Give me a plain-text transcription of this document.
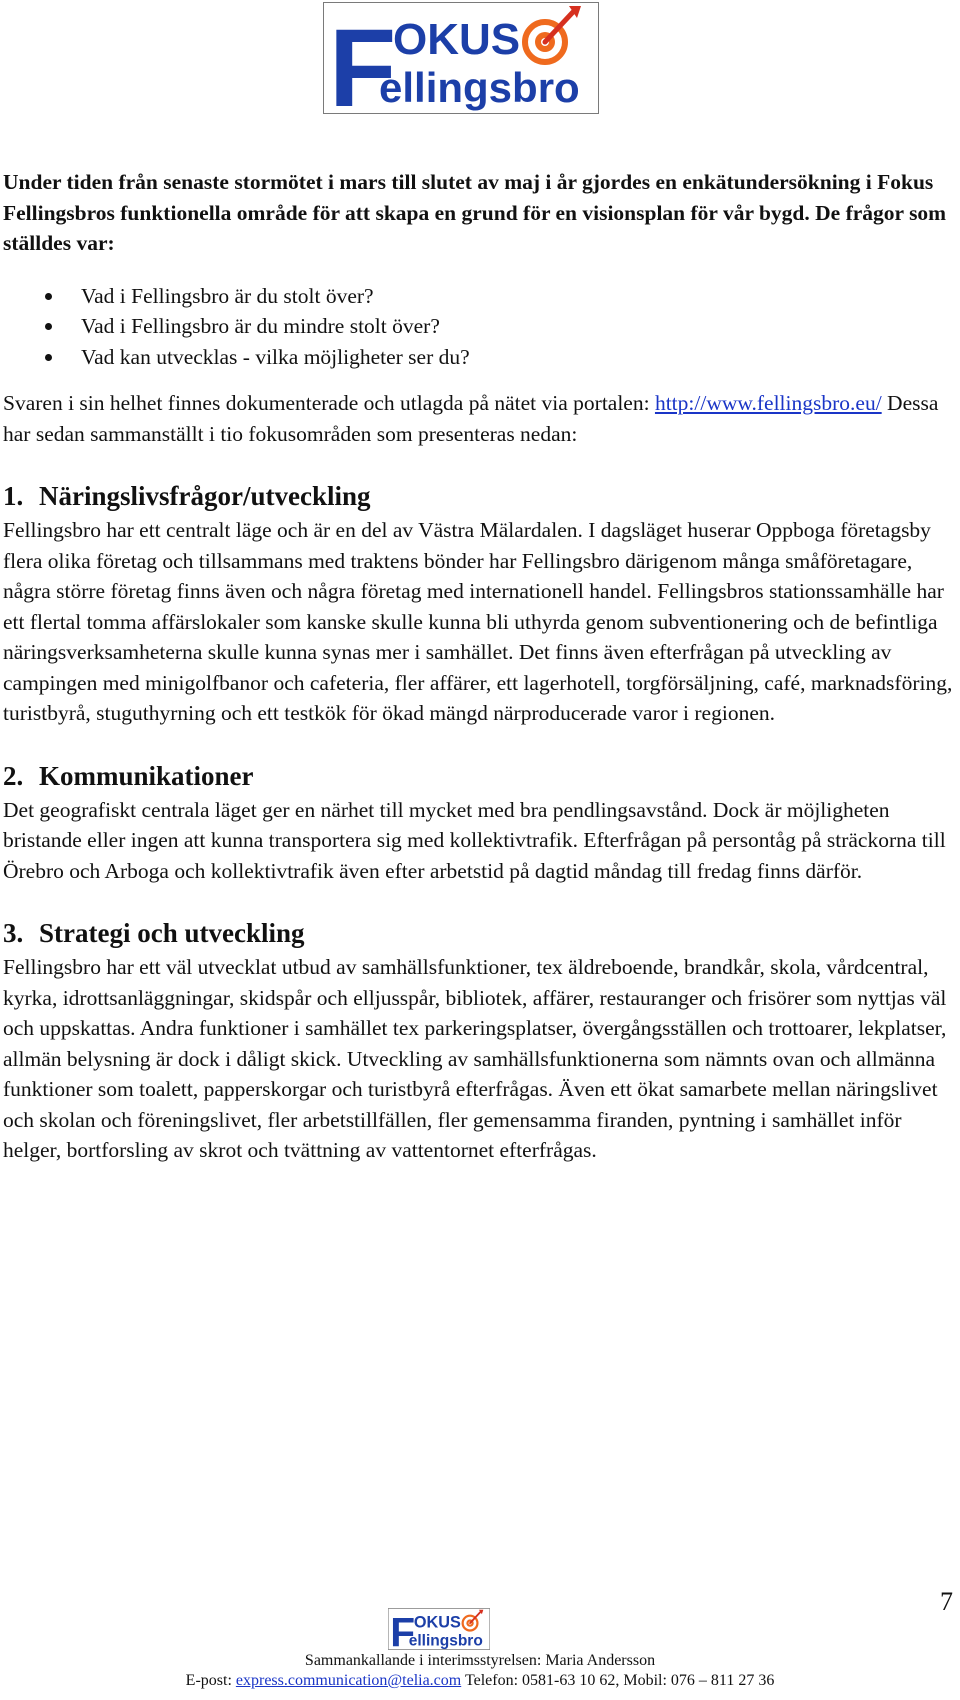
F
OKUS
ellingsbro

Under tiden från senaste stormötet i mars till slutet av maj i år gjordes en enkätundersökning i Fokus Fellingsbros funktionella område för att skapa en grund för en visionsplan för vår bygd. De frågor som ställdes var:

Vad i Fellingsbro är du stolt över?
Vad i Fellingsbro är du mindre stolt över?
Vad kan utvecklas - vilka möjligheter ser du?

Svaren i sin helhet finnes dokumenterade och utlagda på nätet via portalen: http://www.fellingsbro.eu/ Dessa har sedan sammanställt i tio fokusområden som presenteras nedan:

1. Näringslivsfrågor/utveckling

Fellingsbro har ett centralt läge och är en del av Västra Mälardalen. I dagsläget huserar Oppboga företagsby flera olika företag och tillsammans med traktens bönder har Fellingsbro därigenom många småföretagare, några större företag finns även och några företag med internationell handel. Fellingsbros stationssamhälle har ett flertal tomma affärslokaler som kanske skulle kunna bli uthyrda genom subventionering och de befintliga näringsverksamheterna skulle kunna synas mer i samhället. Det finns även efterfrågan på utveckling av campingen med minigolfbanor och cafeteria, fler affärer, ett lagerhotell, torgförsäljning, café, marknadsföring, turistbyrå, stuguthyrning och ett testkök för ökad mängd närproducerade varor i regionen.

2. Kommunikationer

Det geografiskt centrala läget ger en närhet till mycket med bra pendlingsavstånd. Dock är möjligheten bristande eller ingen att kunna transportera sig med kollektivtrafik. Efterfrågan på persontåg på sträckorna till Örebro och Arboga och kollektivtrafik även efter arbetstid på dagtid måndag till fredag finns därför.

3. Strategi och utveckling

Fellingsbro har ett väl utvecklat utbud av samhällsfunktioner, tex äldreboende, brandkår, skola, vårdcentral, kyrka, idrottsanläggningar, skidspår och elljusspår, bibliotek, affärer, restauranger och frisörer som nyttjas väl och uppskattas. Andra funktioner i samhället tex parkeringsplatser, övergångsställen och trottoarer, lekplatser, allmän belysning är dock i dåligt skick. Utveckling av samhällsfunktionerna som nämnts ovan och allmänna funktioner som toalett, papperskorgar och turistbyrå efterfrågas. Även ett ökat samarbete mellan näringslivet och skolan och föreningslivet, fler arbetstillfällen, fler gemensamma firanden, pyntning i samhället inför helger, bortforsling av skrot och tvättning av vattentornet efterfrågas.

7
F
OKUS
ellingsbro
Sammankallande i interimsstyrelsen: Maria Andersson
E-post: express.communication@telia.com Telefon: 0581-63 10 62, Mobil: 076 – 811 27 36
